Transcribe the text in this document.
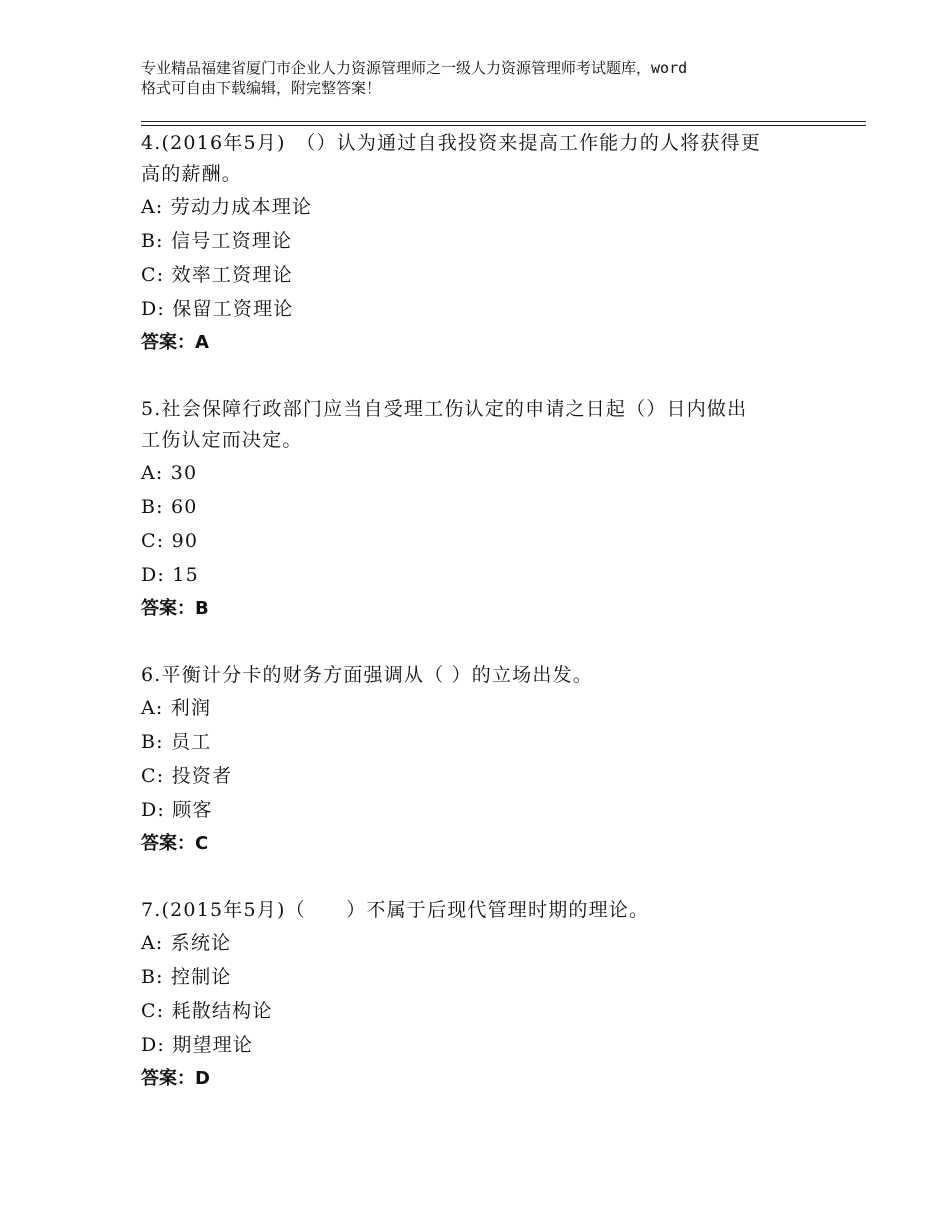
专业精品福建省厦门市企业人力资源管理师之一级人力资源管理师考试题库，word
格式可自由下载编辑，附完整答案！
4.(2016年5月)　（）认为通过自我投资来提高工作能力的人将获得更
高的薪酬。
A: 劳动力成本理论
B: 信号工资理论
C: 效率工资理论
D: 保留工资理论
答案：A
5.社会保障行政部门应当自受理工伤认定的申请之日起（）日内做出
工伤认定而决定。
A: 30
B: 60
C: 90
D: 15
答案：B
6.平衡计分卡的财务方面强调从（ ）的立场出发。
A: 利润
B: 员工
C: 投资者
D: 顾客
答案：C
7.(2015年5月)（　　）不属于后现代管理时期的理论。
A: 系统论
B: 控制论
C: 耗散结构论
D: 期望理论
答案：D
